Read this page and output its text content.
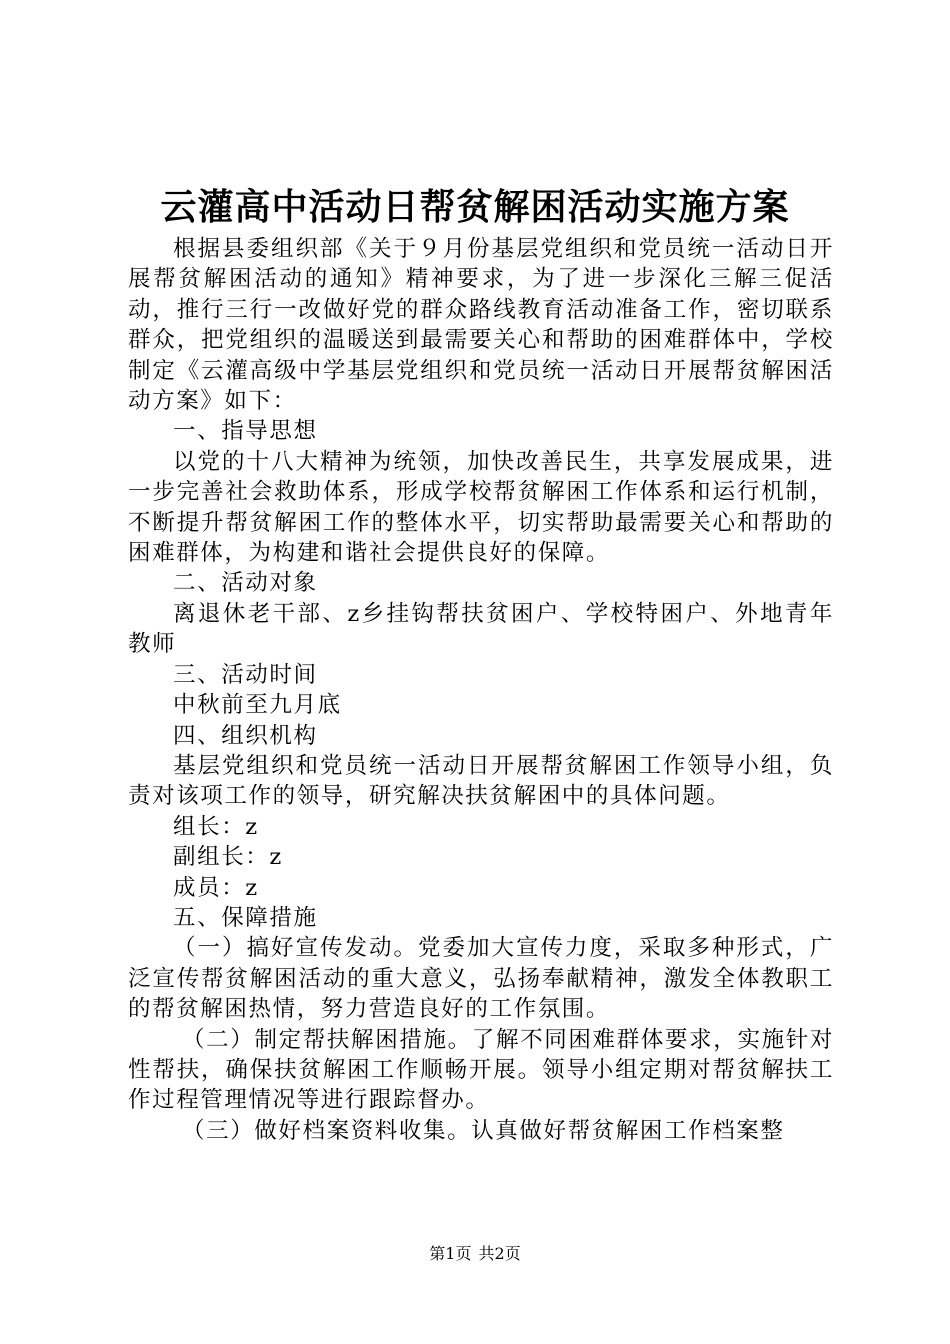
云灌高中活动日帮贫解困活动实施方案

根据县委组织部《关于９月份基层党组织和党员统一活动日开展帮贫解困活动的通知》精神要求，为了进一步深化三解三促活动，推行三行一改做好党的群众路线教育活动准备工作，密切联系群众，把党组织的温暖送到最需要关心和帮助的困难群体中，学校制定《云灌高级中学基层党组织和党员统一活动日开展帮贫解困活动方案》如下：

一、指导思想

以党的十八大精神为统领，加快改善民生，共享发展成果，进一步完善社会救助体系，形成学校帮贫解困工作体系和运行机制，不断提升帮贫解困工作的整体水平，切实帮助最需要关心和帮助的困难群体，为构建和谐社会提供良好的保障。

二、活动对象

离退休老干部、z乡挂钩帮扶贫困户、学校特困户、外地青年教师

三、活动时间

中秋前至九月底

四、组织机构

基层党组织和党员统一活动日开展帮贫解困工作领导小组，负责对该项工作的领导，研究解决扶贫解困中的具体问题。

组长：z

副组长：z

成员：z

五、保障措施

（一）搞好宣传发动。党委加大宣传力度，采取多种形式，广泛宣传帮贫解困活动的重大意义，弘扬奉献精神，激发全体教职工的帮贫解困热情，努力营造良好的工作氛围。

（二）制定帮扶解困措施。了解不同困难群体要求，实施针对性帮扶，确保扶贫解困工作顺畅开展。领导小组定期对帮贫解扶工作过程管理情况等进行跟踪督办。

（三）做好档案资料收集。认真做好帮贫解困工作档案整

第1页 共2页
